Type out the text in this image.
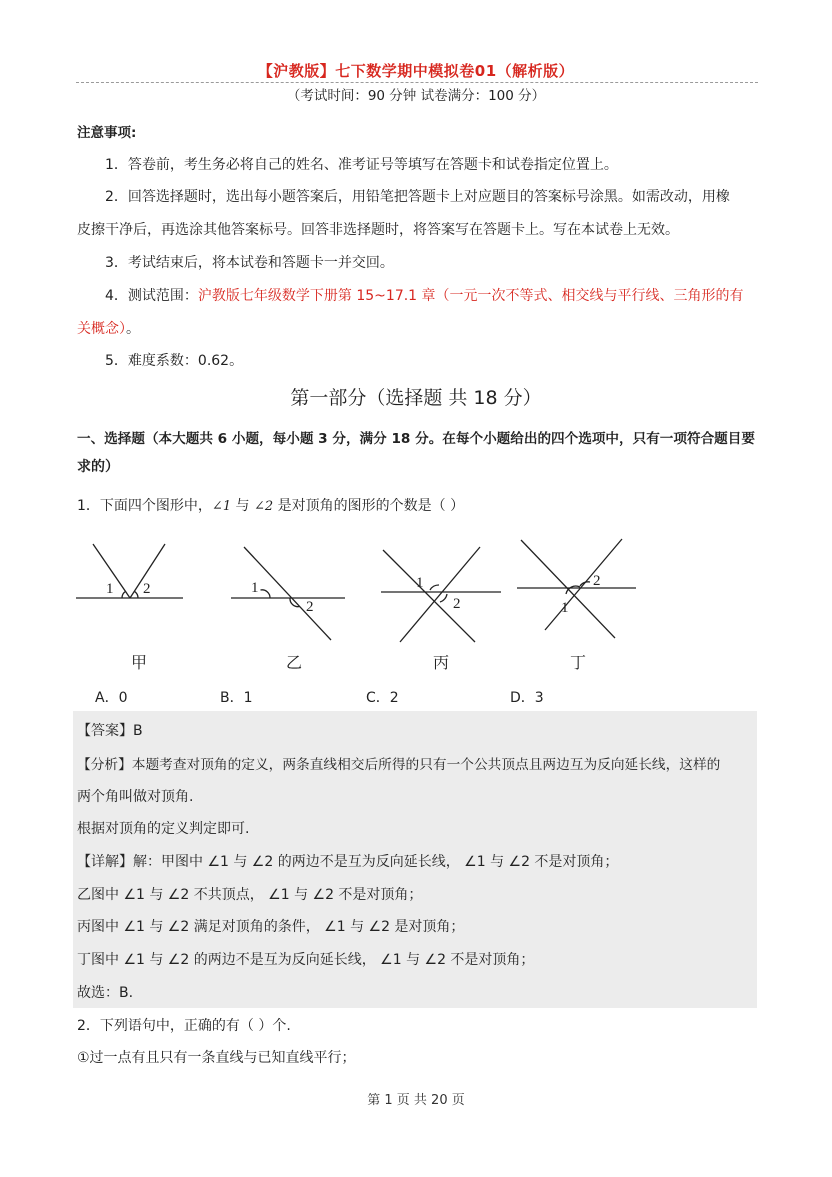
【沪教版】七下数学期中模拟卷01（解析版）
（考试时间：90 分钟 试卷满分：100 分）
注意事项:
1．答卷前，考生务必将自己的姓名、准考证号等填写在答题卡和试卷指定位置上。
2．回答选择题时，选出每小题答案后，用铅笔把答题卡上对应题目的答案标号涂黑。如需改动，用橡
皮擦干净后，再选涂其他答案标号。回答非选择题时，将答案写在答题卡上。写在本试卷上无效。
3．考试结束后，将本试卷和答题卡一并交回。
4．测试范围：沪教版七年级数学下册第 15~17.1 章（一元一次不等式、相交线与平行线、三角形的有
关概念）。
5．难度系数：0.62。
第一部分（选择题 共 18 分）
一、选择题（本大题共 6 小题，每小题 3 分，满分 18 分。在每个小题给出的四个选项中，只有一项符合题目要
求的）
1．下面四个图形中，∠1 与 ∠2 是对顶角的图形的个数是（ ）
1 2	1
2
1
2	1
2
甲	乙	丙	丁
A．0	B．1	C．2	D．3
【答案】B
【分析】本题考查对顶角的定义，两条直线相交后所得的只有一个公共顶点且两边互为反向延长线，这样的
两个角叫做对顶角.
根据对顶角的定义判定即可.
【详解】解：甲图中 ∠1 与 ∠2 的两边不是互为反向延长线， ∠1 与 ∠2 不是对顶角；
乙图中 ∠1 与 ∠2 不共顶点， ∠1 与 ∠2 不是对顶角；
丙图中 ∠1 与 ∠2 满足对顶角的条件， ∠1 与 ∠2 是对顶角；
丁图中 ∠1 与 ∠2 的两边不是互为反向延长线， ∠1 与 ∠2 不是对顶角；
故选：B.
2．下列语句中，正确的有（ ）个.
①过一点有且只有一条直线与已知直线平行；
第 1 页 共 20 页
